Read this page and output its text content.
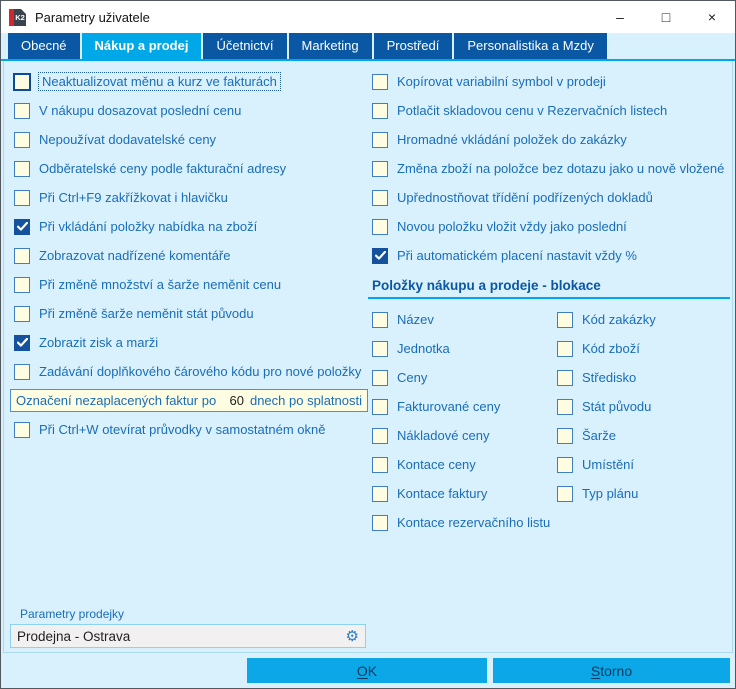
K2 Parametry uživatele	–	□	×
Obecné	Nákup a prodej	Účetnictví	Marketing	Prostředí	Personalistika a Mzdy
Neaktualizovat měnu a kurz ve fakturách
V nákupu dosazovat poslední cenu
Nepoužívat dodavatelské ceny
Odběratelské ceny podle fakturační adresy
Při Ctrl+F9 zakřížkovat i hlavičku
Při vkládání položky nabídka na zboží
Zobrazovat nadřízené komentáře
Při změně množství a šarže neměnit cenu
Při změně šarže neměnit stát původu
Zobrazit zisk a marži
Zadávání doplňkového čárového kódu pro nové položky
Označení nezaplacených faktur po 60 dnech po splatnosti
Při Ctrl+W otevírat průvodky v samostatném okně
Kopírovat variabilní symbol v prodeji
Potlačit skladovou cenu v Rezervačních listech
Hromadné vkládání položek do zakázky
Změna zboží na položce bez dotazu jako u nově vložené
Upřednostňovat třídění podřízených dokladů
Novou položku vložit vždy jako poslední
Při automatickém placení nastavit vždy %
Položky nákupu a prodeje - blokace
Název
Jednotka
Ceny
Fakturované ceny
Nákladové ceny
Kontace ceny
Kontace faktury
Kontace rezervačního listu
Kód zakázky
Kód zboží
Středisko
Stát původu
Šarže
Umístění
Typ plánu
Parametry prodejky
Prodejna - Ostrava	⚙
OK	Storno
